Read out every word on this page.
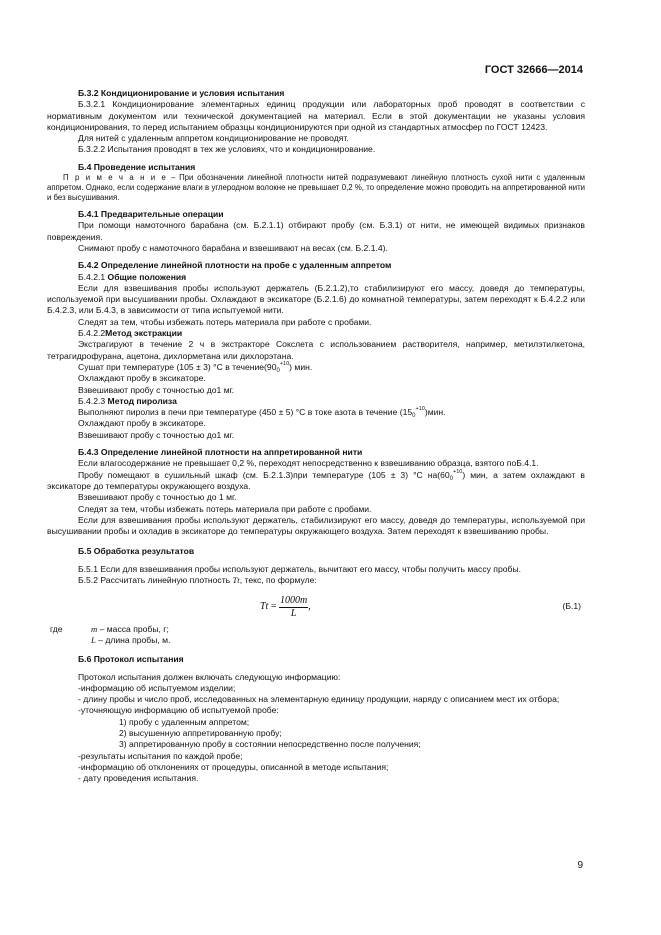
ГОСТ 32666—2014

Б.3.2 Кондиционирование и условия испытания

Б.3.2.1 Кондиционирование элементарных единиц продукции или лабораторных проб проводят в соответствии с нормативным документом или технической документацией на материал. Если в этой документации не указаны условия кондиционирования, то перед испытанием образцы кондиционируются при одной из стандартных атмосфер по ГОСТ 12423.

Для нитей с удаленным аппретом кондиционирование не проводят.

Б.3.2.2 Испытания проводят в тех же условиях, что и кондиционирование.

Б.4 Проведение испытания

П р и м е ч а н и е – При обозначении линейной плотности нитей подразумевают линейную плотность сухой нити с удаленным аппретом. Однако, если содержание влаги в углеродном волокне не превышает 0,2 %, то определение можно проводить на аппретированной нити и без высушивания.

Б.4.1 Предварительные операции

При помощи намоточного барабана (см. Б.2.1.1) отбирают пробу (см. Б.3.1) от нити, не имеющей видимых признаков повреждения.

Снимают пробу с намоточного барабана и взвешивают на весах (см. Б.2.1.4).

Б.4.2 Определение линейной плотности на пробе с удаленным аппретом

Б.4.2.1 Общие положения

Если для взвешивания пробы используют держатель (Б.2.1.2),то стабилизируют его массу, доведя до температуры, используемой при высушивании пробы. Охлаждают в эксикаторе (Б.2.1.6) до комнатной температуры, затем переходят к Б.4.2.2 или Б.4.2.3, или Б.4.3, в зависимости от типа испытуемой нити.

Следят за тем, чтобы избежать потерь материала при работе с пробами.

Б.4.2.2Метод экстракции

Экстрагируют в течение 2 ч в экстракторе Сокслета с использованием растворителя, например, метилэтилкетона, тетрагидрофурана, ацетона, дихлорметана или дихлорэтана.

Сушат при температуре (105 ± 3) °С в $течение(90_0^{+10})$ мин.

Охлаждают пробу в эксикаторе.

Взвешивают пробу с точностью до1 мг.

Б.4.2.3 Метод пиролиза

Выполняют пиролиз в печи при температуре (450 ± 5) °С в токе азота в течение $(15_0^{+10})мин$.

Охлаждают пробу в эксикаторе.

Взвешивают пробу с точностью до1 мг.

Б.4.3 Определение линейной плотности на аппретированной нити

Если влагосодержание не превышает 0,2 %, переходят непосредственно к взвешиванию образца, взятого поБ.4.1.

Пробу помещают в сушильный шкаф (см. Б.2.1.3)при температуре (105 ± 3) °С $на(60_0^{+10})$ мин, а затем охлаждают в эксикаторе до температуры окружающего воздуха.

Взвешивают пробу с точностью до 1 мг.

Следят за тем, чтобы избежать потерь материала при работе с пробами.

Если для взвешивания пробы используют держатель, стабилизируют его массу, доведя до температуры, используемой при высушивании пробы и охладив в эксикаторе до температуры окружающего воздуха. Затем переходят к взвешиванию пробы.

Б.5 Обработка результатов

Б.5.1 Если для взвешивания пробы используют держатель, вычитают его массу, чтобы получить массу пробы.

Б.5.2 Рассчитать линейную плотность Tt, текс, по формуле:

$Tt = \frac{1000m}{L}$ ,	(Б.1)
где	m – масса пробы, г;
L – длина пробы, м.

Б.6 Протокол испытания

Протокол испытания должен включать следующую информацию:

-информацию об испытуемом изделии;

- длину пробы и число проб, исследованных на элементарную единицу продукции, наряду с описанием мест их отбора;

-уточняющую информацию об испытуемой пробе:

1) пробу с удаленным аппретом;

2) высушенную аппретированную пробу;

3) аппретированную пробу в состоянии непосредственно после получения;

-результаты испытания по каждой пробе;

-информацию об отклонениях от процедуры, описанной в методе испытания;

- дату проведения испытания.

9
